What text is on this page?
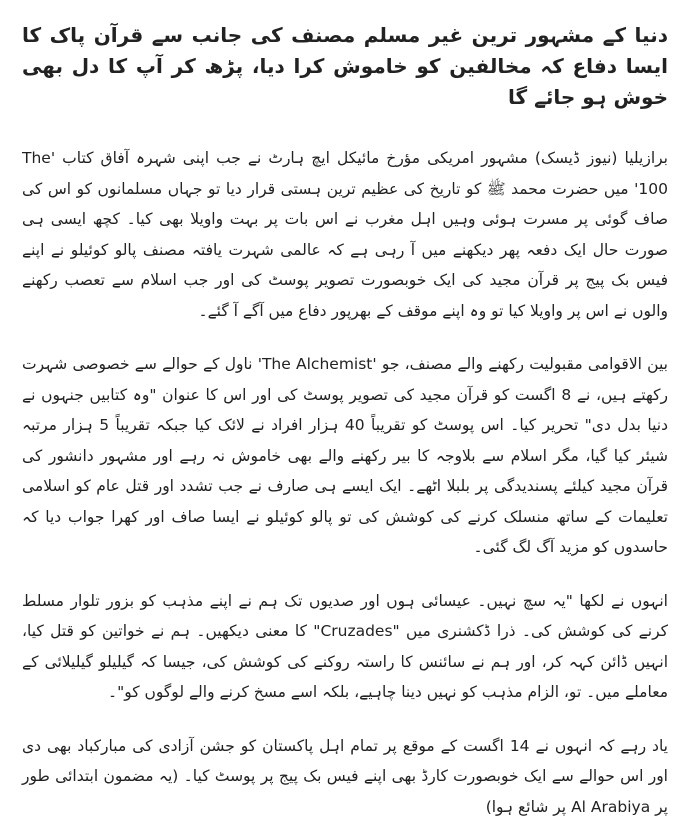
دنیا کے مشہور ترین غیر مسلم مصنف کی جانب سے قرآن پاک کا ایسا دفاع کہ مخالفین کو خاموش کرا دیا، پڑھ کر آپ کا دل بھی خوش ہو جائے گا

برازیلیا (نیوز ڈیسک) مشہور امریکی مؤرخ مائیکل ایچ ہارٹ نے جب اپنی شہرہ آفاق کتاب 'The 100' میں حضرت محمد ﷺ کو تاریخ کی عظیم ترین ہستی قرار دیا تو جہاں مسلمانوں کو اس کی صاف گوئی پر مسرت ہوئی وہیں اہل مغرب نے اس بات پر بہت واویلا بھی کیا۔ کچھ ایسی ہی صورت حال ایک دفعہ پھر دیکھنے میں آ رہی ہے کہ عالمی شہرت یافتہ مصنف پالو کوئیلو نے اپنے فیس بک پیج پر قرآن مجید کی ایک خوبصورت تصویر پوسٹ کی اور جب اسلام سے تعصب رکھنے والوں نے اس پر واویلا کیا تو وہ اپنے موقف کے بھرپور دفاع میں آگے آ گئے۔

بین الاقوامی مقبولیت رکھنے والے مصنف، جو 'The Alchemist' ناول کے حوالے سے خصوصی شہرت رکھتے ہیں، نے 8 اگست کو قرآن مجید کی تصویر پوسٹ کی اور اس کا عنوان "وہ کتابیں جنہوں نے دنیا بدل دی" تحریر کیا۔ اس پوسٹ کو تقریباً 40 ہزار افراد نے لائک کیا جبکہ تقریباً 5 ہزار مرتبہ شیئر کیا گیا، مگر اسلام سے بلاوجہ کا بیر رکھنے والے بھی خاموش نہ رہے اور مشہور دانشور کی قرآن مجید کیلئے پسندیدگی پر بلبلا اٹھے۔ ایک ایسے ہی صارف نے جب تشدد اور قتل عام کو اسلامی تعلیمات کے ساتھ منسلک کرنے کی کوشش کی تو پالو کوئیلو نے ایسا صاف اور کھرا جواب دیا کہ حاسدوں کو مزید آگ لگ گئی۔

انہوں نے لکھا "یہ سچ نہیں۔ عیسائی ہوں اور صدیوں تک ہم نے اپنے مذہب کو بزور تلوار مسلط کرنے کی کوشش کی۔ ذرا ڈکشنری میں "Cruzades" کا معنی دیکھیں۔ ہم نے خواتین کو قتل کیا، انہیں ڈائن کہہ کر، اور ہم نے سائنس کا راستہ روکنے کی کوشش کی، جیسا کہ گیلیلو گیلیلائی کے معاملے میں۔ تو، الزام مذہب کو نہیں دینا چاہیے، بلکہ اسے مسخ کرنے والے لوگوں کو"۔

یاد رہے کہ انہوں نے 14 اگست کے موقع پر تمام اہل پاکستان کو جشن آزادی کی مبارکباد بھی دی اور اس حوالے سے ایک خوبصورت کارڈ بھی اپنے فیس بک پیج پر پوسٹ کیا۔ (یہ مضمون ابتدائی طور پر Al Arabiya پر شائع ہوا)
